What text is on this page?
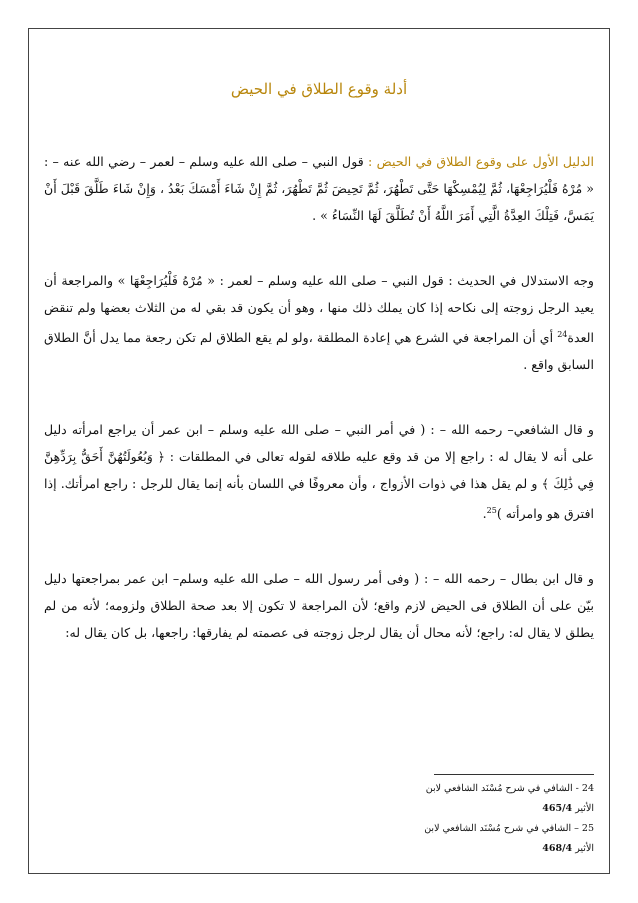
أدلة وقوع الطلاق في الحيض

الدليل الأول على وقوع الطلاق في الحيض : قول النبي – صلى الله عليه وسلم – لعمر – رضي الله عنه – : « مُرْهُ فَلْيُرَاجِعْهَا، ثُمَّ لِيُمْسِكْهَا حَتَّى تَطْهُرَ، ثُمَّ تَحِيضَ ثُمَّ تَطْهُرَ، ثُمَّ إِنْ شَاءَ أَمْسَكَ بَعْدُ ، وَإِنْ شَاءَ طَلَّقَ قَبْلَ أَنْ يَمَسَّ، فَتِلْكَ العِدَّةُ الَّتِي أَمَرَ اللَّهُ أَنْ تُطَلَّقَ لَهَا النِّسَاءُ » .

وجه الاستدلال في الحديث : قول النبي – صلى الله عليه وسلم – لعمر : « مُرْهُ فَلْيُرَاجِعْهَا » والمراجعة أن يعيد الرجل زوجته إلى نكاحه إذا كان يملك ذلك منها ، وهو أن يكون قد بقي له من الثلاث بعضها ولم تنقض العدة$^{24}$ أي أن المراجعة في الشرع هي إعادة المطلقة ،ولو لم يقع الطلاق لم تكن رجعة مما يدل أنَّ الطلاق السابق واقع .

و قال الشافعي– رحمه الله – : ( في أمر النبي – صلى الله عليه وسلم – ابن عمر أن يراجع امرأته دليل على أنه لا يقال له : راجع إلا من قد وقع عليه طلاقه لقوله تعالى في المطلقات : ﴿ وَبُعُولَتُهُنَّ أَحَقُّ بِرَدِّهِنَّ فِي ذَٰلِكَ ﴾ و لم يقل هذا في ذوات الأزواج ، وأن معروفًا في اللسان بأنه إنما يقال للرجل : راجع امرأتك. إذا افترق هو وامرأته )$^{25}$.

و قال ابن بطال – رحمه الله – : ( وفى أمر رسول الله – صلى الله عليه وسلم– ابن عمر بمراجعتها دليل بيّن على أن الطلاق فى الحيض لازم واقع؛ لأن المراجعة لا تكون إلا بعد صحة الطلاق ولزومه؛ لأنه من لم يطلق لا يقال له: راجع؛ لأنه محال أن يقال لرجل زوجته فى عصمته لم يفارقها: راجعها، بل كان يقال له:

24 - الشافي في شرح مُسْنَد الشافعي لابن الأثير 465/4
25 – الشافي في شرح مُسْنَد الشافعي لابن الأثير 468/4
